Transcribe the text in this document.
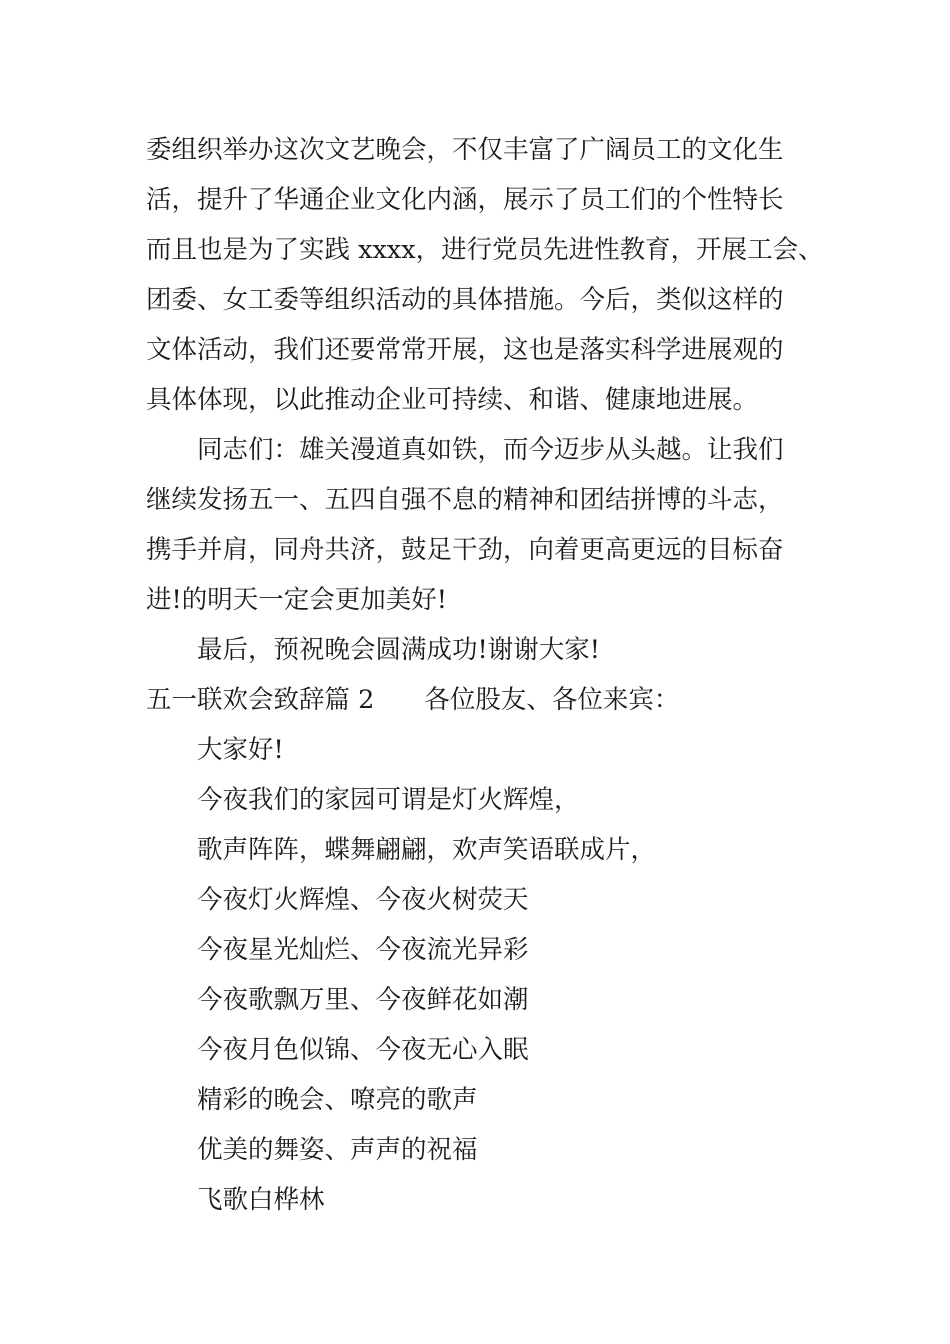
委组织举办这次文艺晚会，不仅丰富了广阔员工的文化生
活，提升了华通企业文化内涵，展示了员工们的个性特长
而且也是为了实践 xxxx，进行党员先进性教育，开展工会、
团委、女工委等组织活动的具体措施。今后，类似这样的
文体活动，我们还要常常开展，这也是落实科学进展观的
具体体现，以此推动企业可持续、和谐、健康地进展。
同志们：雄关漫道真如铁，而今迈步从头越。让我们
继续发扬五一、五四自强不息的精神和团结拼博的斗志，
携手并肩，同舟共济，鼓足干劲，向着更高更远的目标奋
进!的明天一定会更加美好!
最后，预祝晚会圆满成功!谢谢大家!
五一联欢会致辞篇 2 各位股友、各位来宾：
大家好!
今夜我们的家园可谓是灯火辉煌，
歌声阵阵，蝶舞翩翩，欢声笑语联成片，
今夜灯火辉煌、今夜火树荧天
今夜星光灿烂、今夜流光异彩
今夜歌飘万里、今夜鲜花如潮
今夜月色似锦、今夜无心入眠
精彩的晚会、嘹亮的歌声
优美的舞姿、声声的祝福
飞歌白桦林
